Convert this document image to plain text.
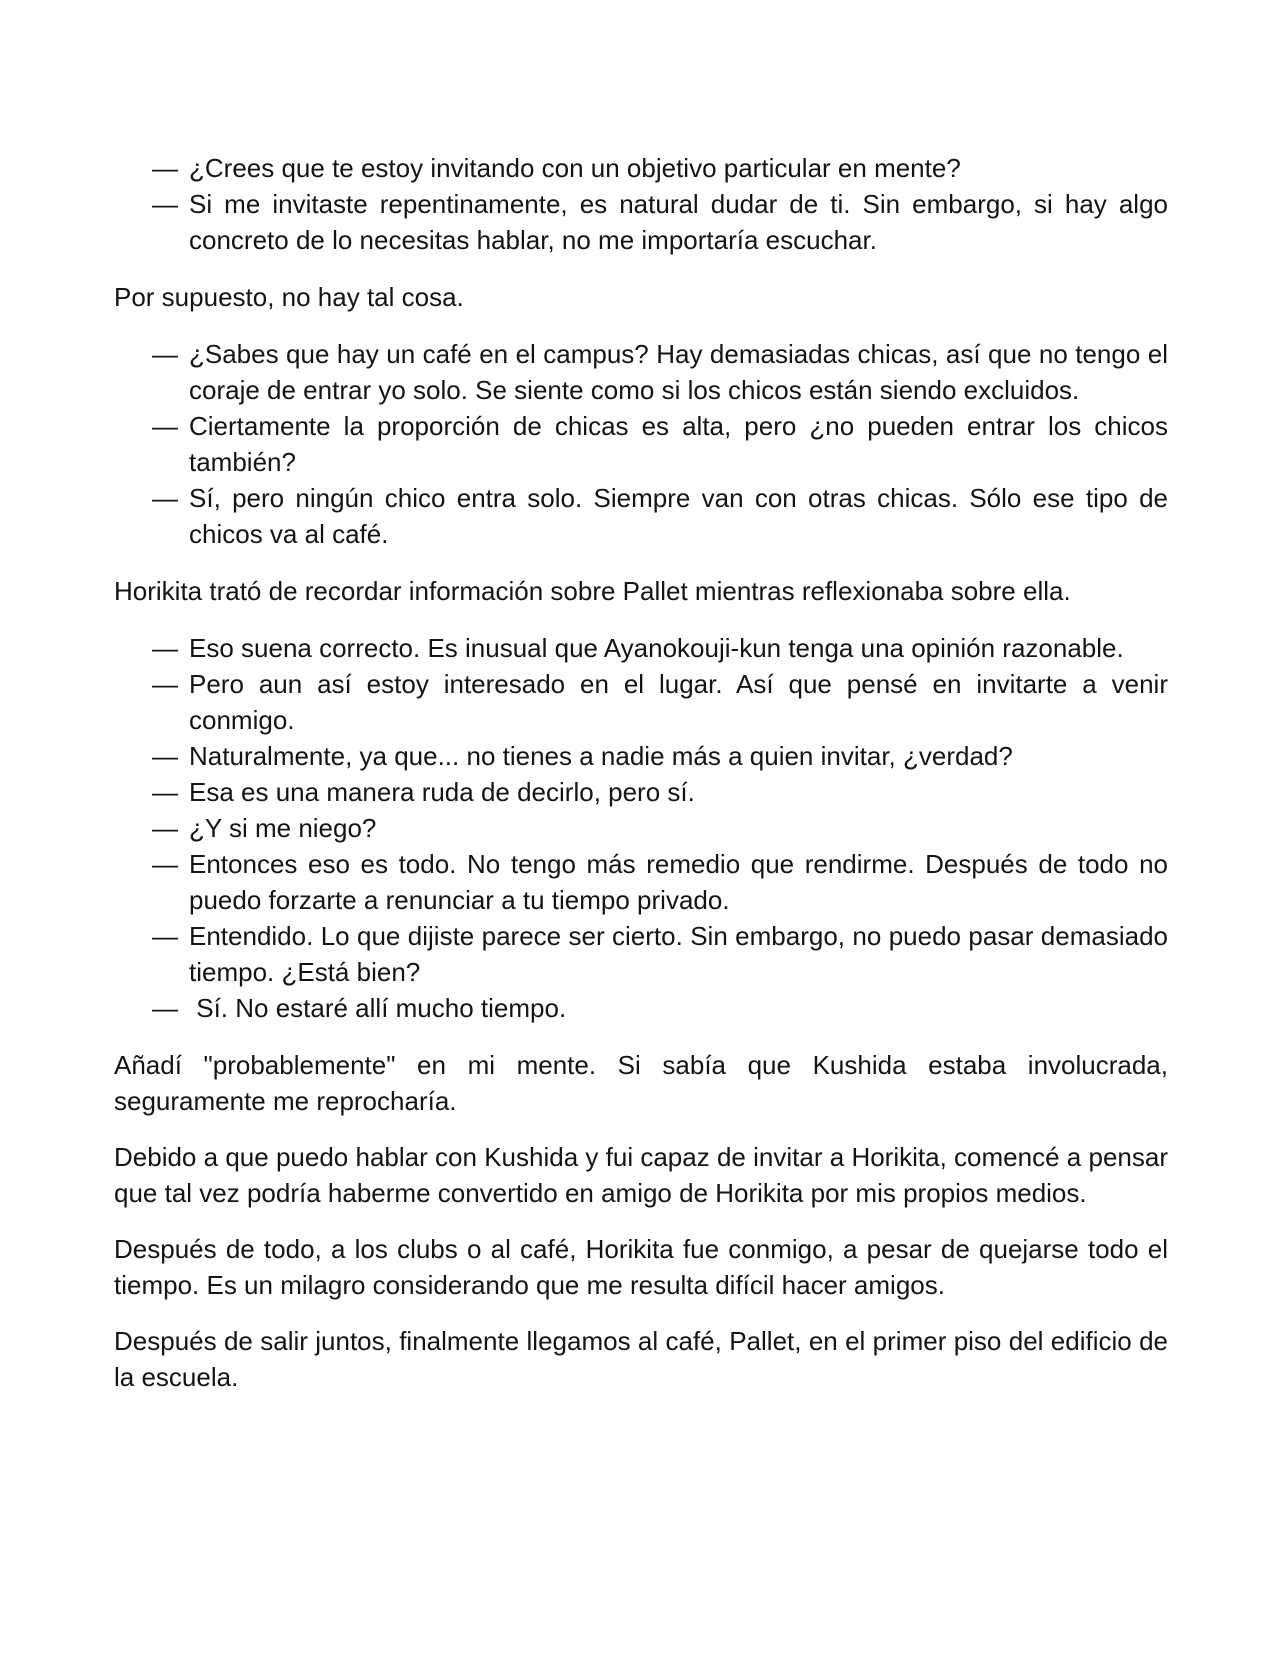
— ¿Crees que te estoy invitando con un objetivo particular en mente?
— Si me invitaste repentinamente, es natural dudar de ti. Sin embargo, si hay algo concreto de lo necesitas hablar, no me importaría escuchar.

Por supuesto, no hay tal cosa.

— ¿Sabes que hay un café en el campus? Hay demasiadas chicas, así que no tengo el coraje de entrar yo solo. Se siente como si los chicos están siendo excluidos.
— Ciertamente la proporción de chicas es alta, pero ¿no pueden entrar los chicos también?
— Sí, pero ningún chico entra solo. Siempre van con otras chicas. Sólo ese tipo de chicos va al café.

Horikita trató de recordar información sobre Pallet mientras reflexionaba sobre ella.

— Eso suena correcto. Es inusual que Ayanokouji-kun tenga una opinión razonable.
— Pero aun así estoy interesado en el lugar. Así que pensé en invitarte a venir conmigo.
— Naturalmente, ya que... no tienes a nadie más a quien invitar, ¿verdad?
— Esa es una manera ruda de decirlo, pero sí.
— ¿Y si me niego?
— Entonces eso es todo. No tengo más remedio que rendirme. Después de todo no puedo forzarte a renunciar a tu tiempo privado.
— Entendido. Lo que dijiste parece ser cierto. Sin embargo, no puedo pasar demasiado tiempo. ¿Está bien?
— Sí. No estaré allí mucho tiempo.

Añadí "probablemente" en mi mente. Si sabía que Kushida estaba involucrada, seguramente me reprocharía.

Debido a que puedo hablar con Kushida y fui capaz de invitar a Horikita, comencé a pensar que tal vez podría haberme convertido en amigo de Horikita por mis propios medios.

Después de todo, a los clubs o al café, Horikita fue conmigo, a pesar de quejarse todo el tiempo. Es un milagro considerando que me resulta difícil hacer amigos.

Después de salir juntos, finalmente llegamos al café, Pallet, en el primer piso del edificio de la escuela.
